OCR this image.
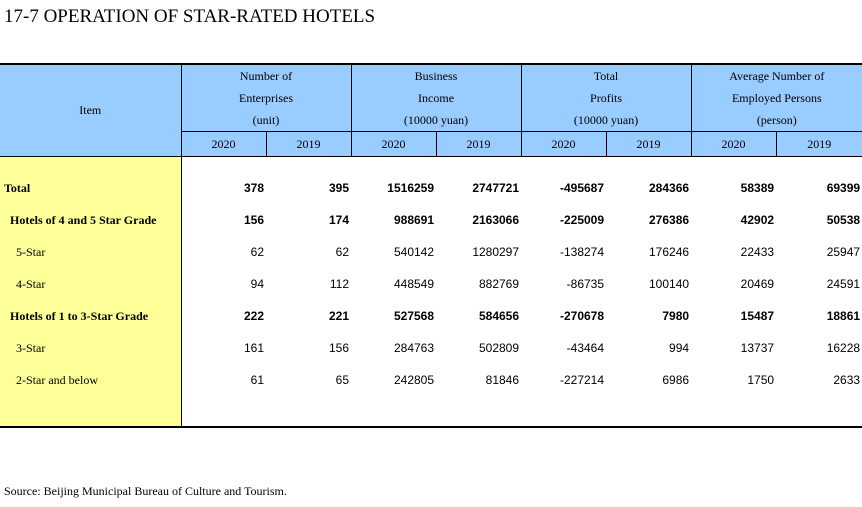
17-7 OPERATION OF STAR-RATED HOTELS
Item	Number of
Enterprises
(unit)		Business
Income
(10000 yuan)		Total
Profits
(10000 yuan)		Average Number of
Employed Persons
(person)	

	2020	2019	2020	2019	2020	2019	2020	2019

Total	378	395	1516259	2747721	-495687	284366	58389	69399
Hotels of 4 and 5 Star Grade	156	174	988691	2163066	-225009	276386	42902	50538
5-Star	62	62	540142	1280297	-138274	176246	22433	25947
4-Star	94	112	448549	882769	-86735	100140	20469	24591
Hotels of 1 to 3-Star Grade	222	221	527568	584656	-270678	7980	15487	18861
3-Star	161	156	284763	502809	-43464	994	13737	16228
2-Star and below	61	65	242805	81846	-227214	6986	1750	2633

Source: Beijing Municipal Bureau of Culture and Tourism.
